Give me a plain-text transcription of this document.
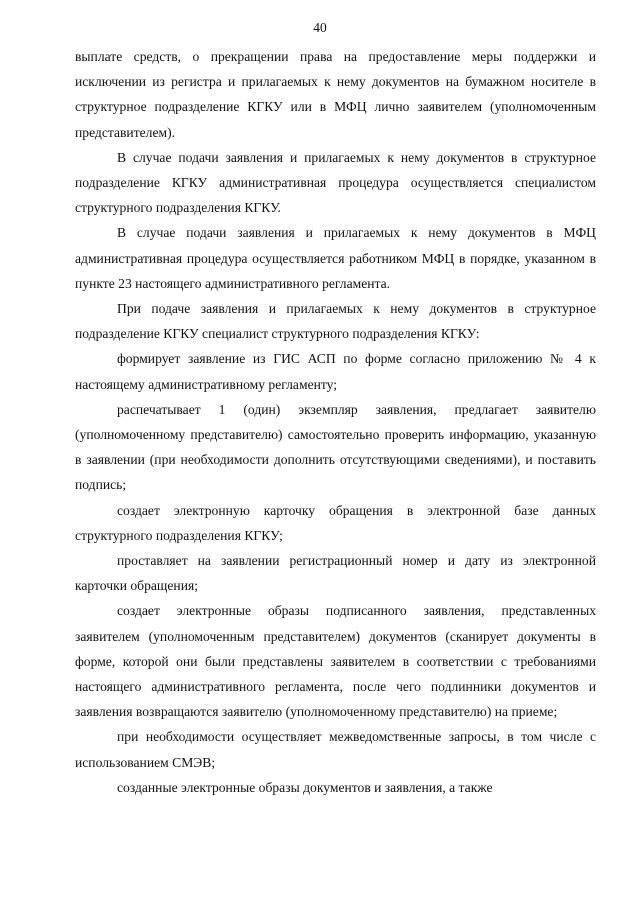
40

выплате средств, о прекращении права на предоставление меры поддержки и исключении из регистра и прилагаемых к нему документов на бумажном носителе в структурное подразделение КГКУ или в МФЦ лично заявителем (уполномоченным представителем).

В случае подачи заявления и прилагаемых к нему документов в структурное подразделение КГКУ административная процедура осуществляется специалистом структурного подразделения КГКУ.

В случае подачи заявления и прилагаемых к нему документов в МФЦ административная процедура осуществляется работником МФЦ в порядке, указанном в пункте 23 настоящего административного регламента.

При подаче заявления и прилагаемых к нему документов в структурное подразделение КГКУ специалист структурного подразделения КГКУ:

формирует заявление из ГИС АСП по форме согласно приложению № 4 к настоящему административному регламенту;

распечатывает 1 (один) экземпляр заявления, предлагает заявителю (уполномоченному представителю) самостоятельно проверить информацию, указанную в заявлении (при необходимости дополнить отсутствующими сведениями), и поставить подпись;

создает электронную карточку обращения в электронной базе данных структурного подразделения КГКУ;

проставляет на заявлении регистрационный номер и дату из электронной карточки обращения;

создает электронные образы подписанного заявления, представленных заявителем (уполномоченным представителем) документов (сканирует документы в форме, которой они были представлены заявителем в соответствии с требованиями настоящего административного регламента, после чего подлинники документов и заявления возвращаются заявителю (уполномоченному представителю) на приеме;

при необходимости осуществляет межведомственные запросы, в том числе с использованием СМЭВ;

созданные электронные образы документов и заявления, а также
